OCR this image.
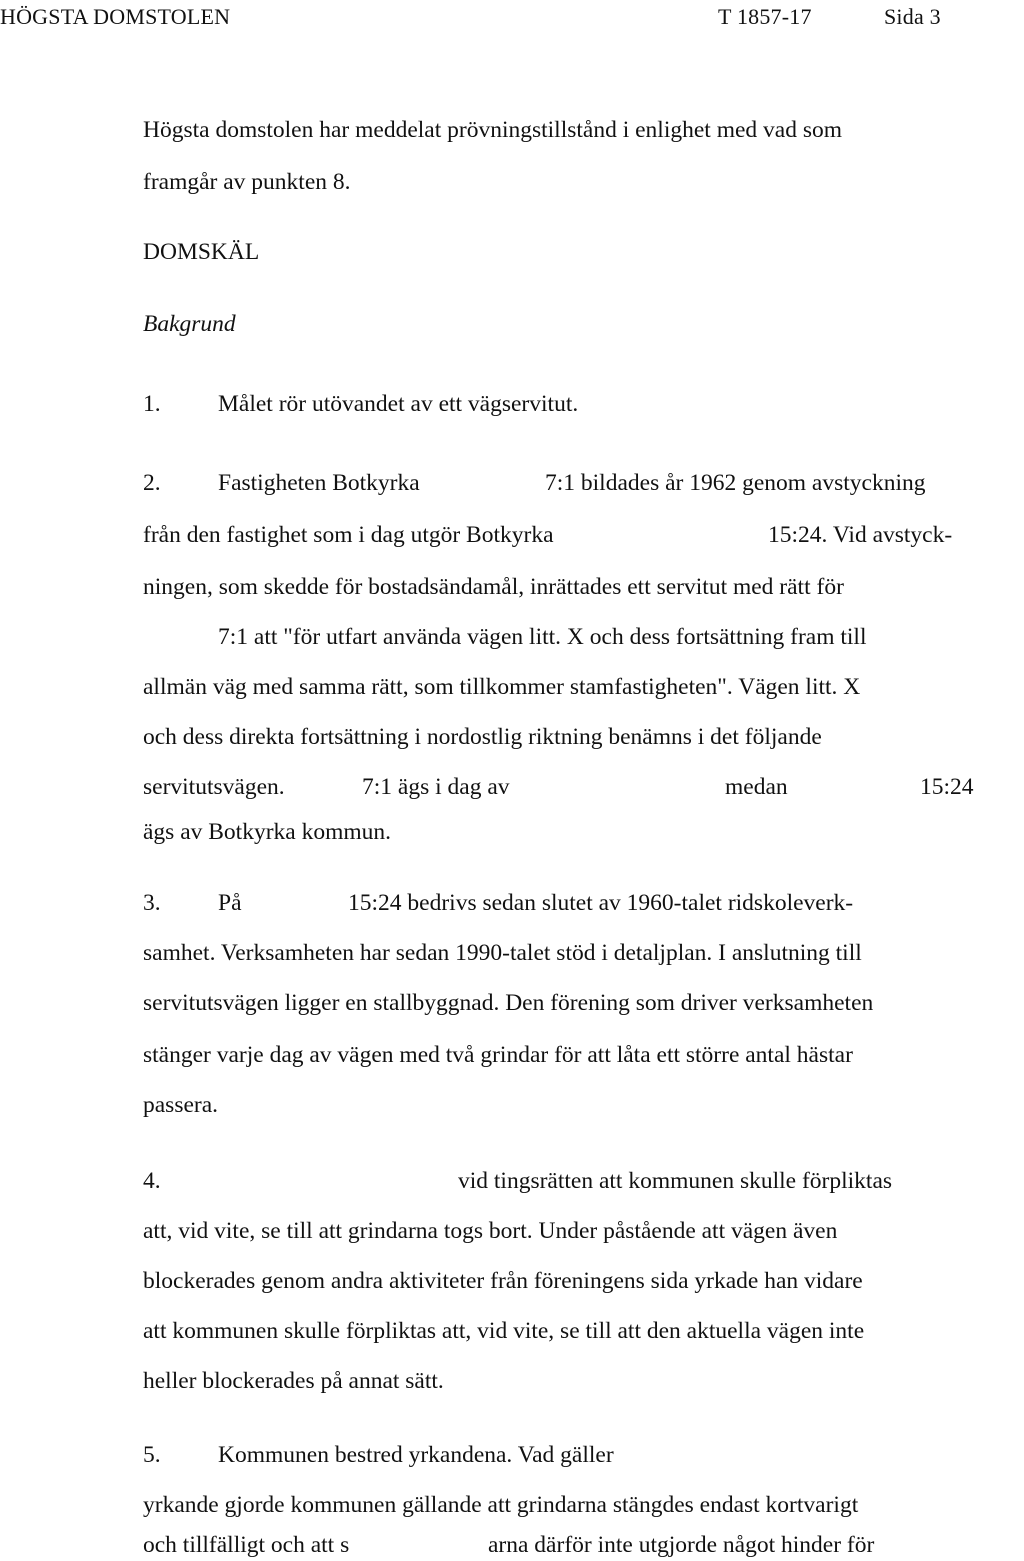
HÖGSTA DOMSTOLEN	T 1857-17	Sida 3
Högsta domstolen har meddelat prövningstillstånd i enlighet med vad som
framgår av punkten 8.
DOMSKÄL
Bakgrund
1. Målet rör utövandet av ett vägservitut.
2. Fastigheten Botkyrka	7:1 bildades år 1962 genom avstyckning
från den fastighet som i dag utgör Botkyrka	15:24. Vid avstyck-
ningen, som skedde för bostadsändamål, inrättades ett servitut med rätt för
7:1 att "för utfart använda vägen litt. X och dess fortsättning fram till
allmän väg med samma rätt, som tillkommer stamfastigheten". Vägen litt. X
och dess direkta fortsättning i nordostlig riktning benämns i det följande
servitutsvägen.	7:1 ägs i dag av	medan	15:24
ägs av Botkyrka kommun.
3. På	15:24 bedrivs sedan slutet av 1960-talet ridskoleverk-
samhet. Verksamheten har sedan 1990-talet stöd i detaljplan. I anslutning till
servitutsvägen ligger en stallbyggnad. Den förening som driver verksamheten
stänger varje dag av vägen med två grindar för att låta ett större antal hästar
passera.
4.	vid tingsrätten att kommunen skulle förpliktas
att, vid vite, se till att grindarna togs bort. Under påstående att vägen även
blockerades genom andra aktiviteter från föreningens sida yrkade han vidare
att kommunen skulle förpliktas att, vid vite, se till att den aktuella vägen inte
heller blockerades på annat sätt.
5. Kommunen bestred yrkandena. Vad gäller
yrkande gjorde kommunen gällande att grindarna stängdes endast kortvarigt
och tillfälligt och att s	arna därför inte utgjorde något hinder för
